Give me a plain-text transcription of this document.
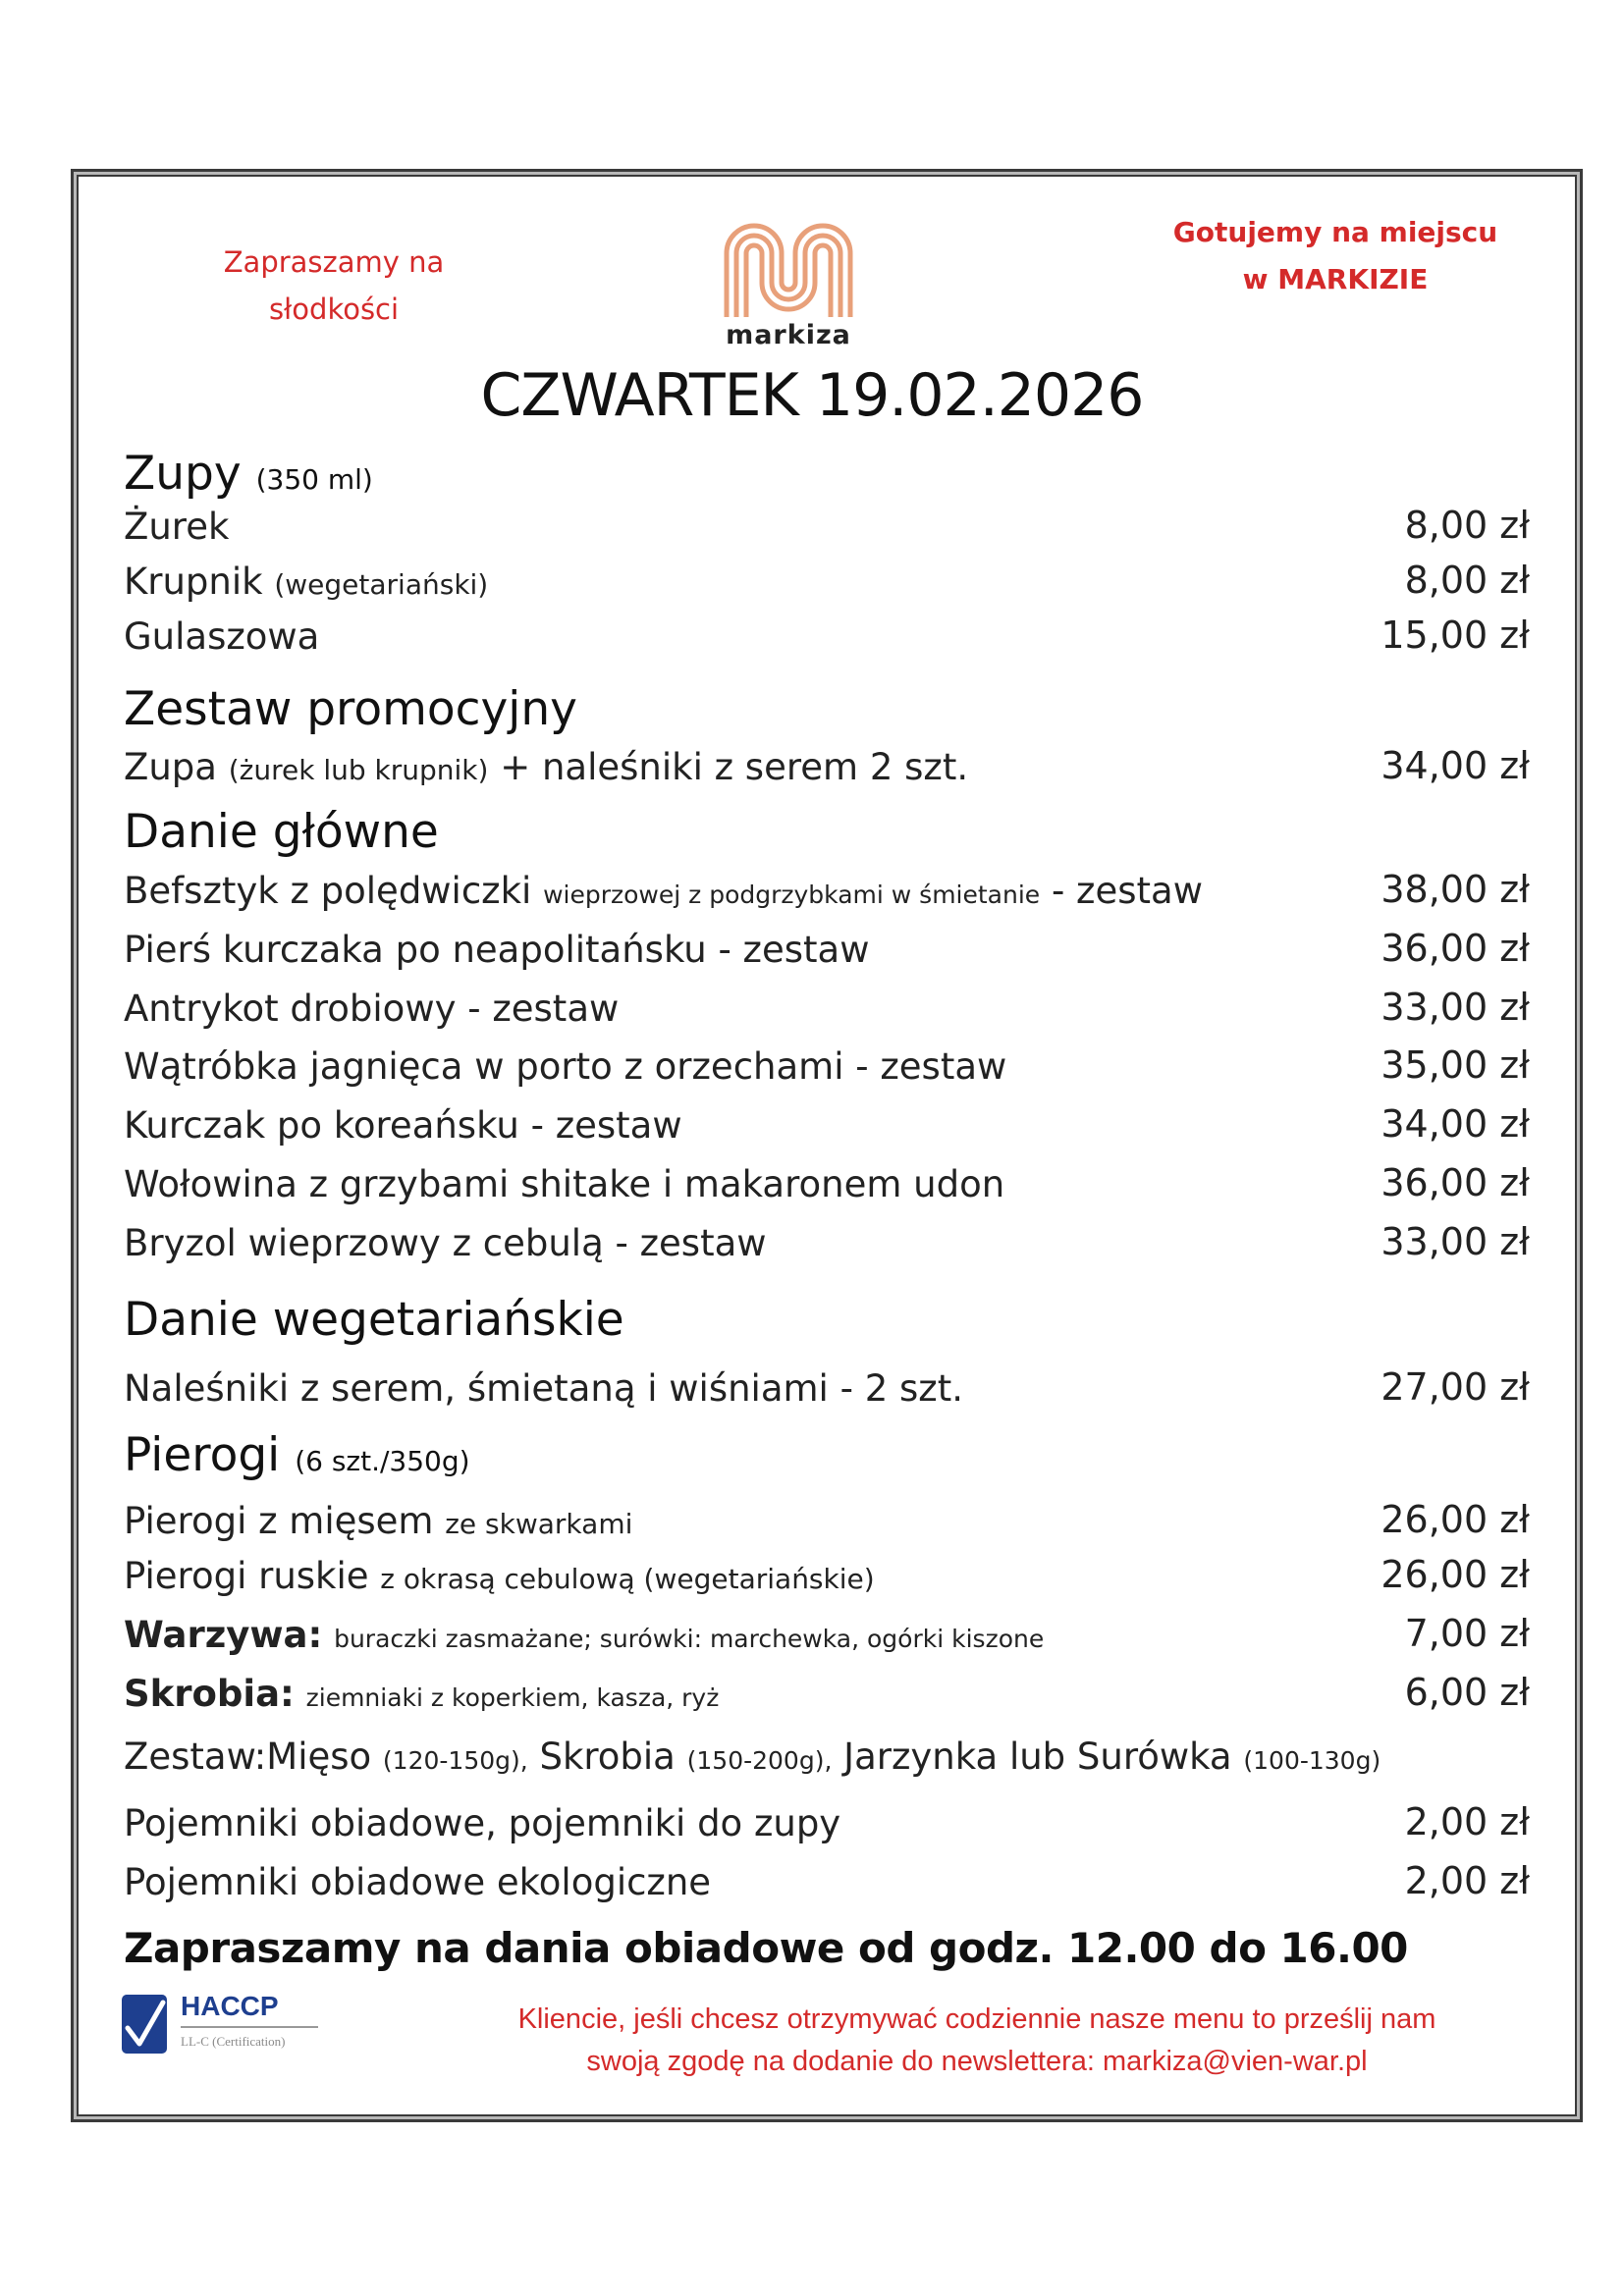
Zapraszamy na
słodkości
markiza
Gotujemy na miejscu
w MARKIZIE
CZWARTEK 19.02.2026
Zupy (350 ml)
Żurek	8,00 zł
Krupnik (wegetariański)	8,00 zł
Gulaszowa	15,00 zł
Zestaw promocyjny
Zupa (żurek lub krupnik) + naleśniki z serem 2 szt.	34,00 zł
Danie główne
Befsztyk z polędwiczki wieprzowej z podgrzybkami w śmietanie - zestaw	38,00 zł
Pierś kurczaka po neapolitańsku - zestaw	36,00 zł
Antrykot drobiowy - zestaw	33,00 zł
Wątróbka jagnięca w porto z orzechami - zestaw	35,00 zł
Kurczak po koreańsku - zestaw	34,00 zł
Wołowina z grzybami shitake i makaronem udon	36,00 zł
Bryzol wieprzowy z cebulą - zestaw	33,00 zł
Danie wegetariańskie
Naleśniki z serem, śmietaną i wiśniami - 2 szt.	27,00 zł
Pierogi (6 szt./350g)
Pierogi z mięsem ze skwarkami	26,00 zł
Pierogi ruskie z okrasą cebulową (wegetariańskie)	26,00 zł
Warzywa: buraczki zasmażane; surówki: marchewka, ogórki kiszone	7,00 zł
Skrobia: ziemniaki z koperkiem, kasza, ryż	6,00 zł
Zestaw:Mięso (120-150g), Skrobia (150-200g), Jarzynka lub Surówka (100-130g)
Pojemniki obiadowe, pojemniki do zupy	2,00 zł
Pojemniki obiadowe ekologiczne	2,00 zł
Zapraszamy na dania obiadowe od godz. 12.00 do 16.00
HACCP
LL-C (Certification)
Kliencie, jeśli chcesz otrzymywać codziennie nasze menu to prześlij nam
swoją zgodę na dodanie do newslettera: markiza@vien-war.pl
